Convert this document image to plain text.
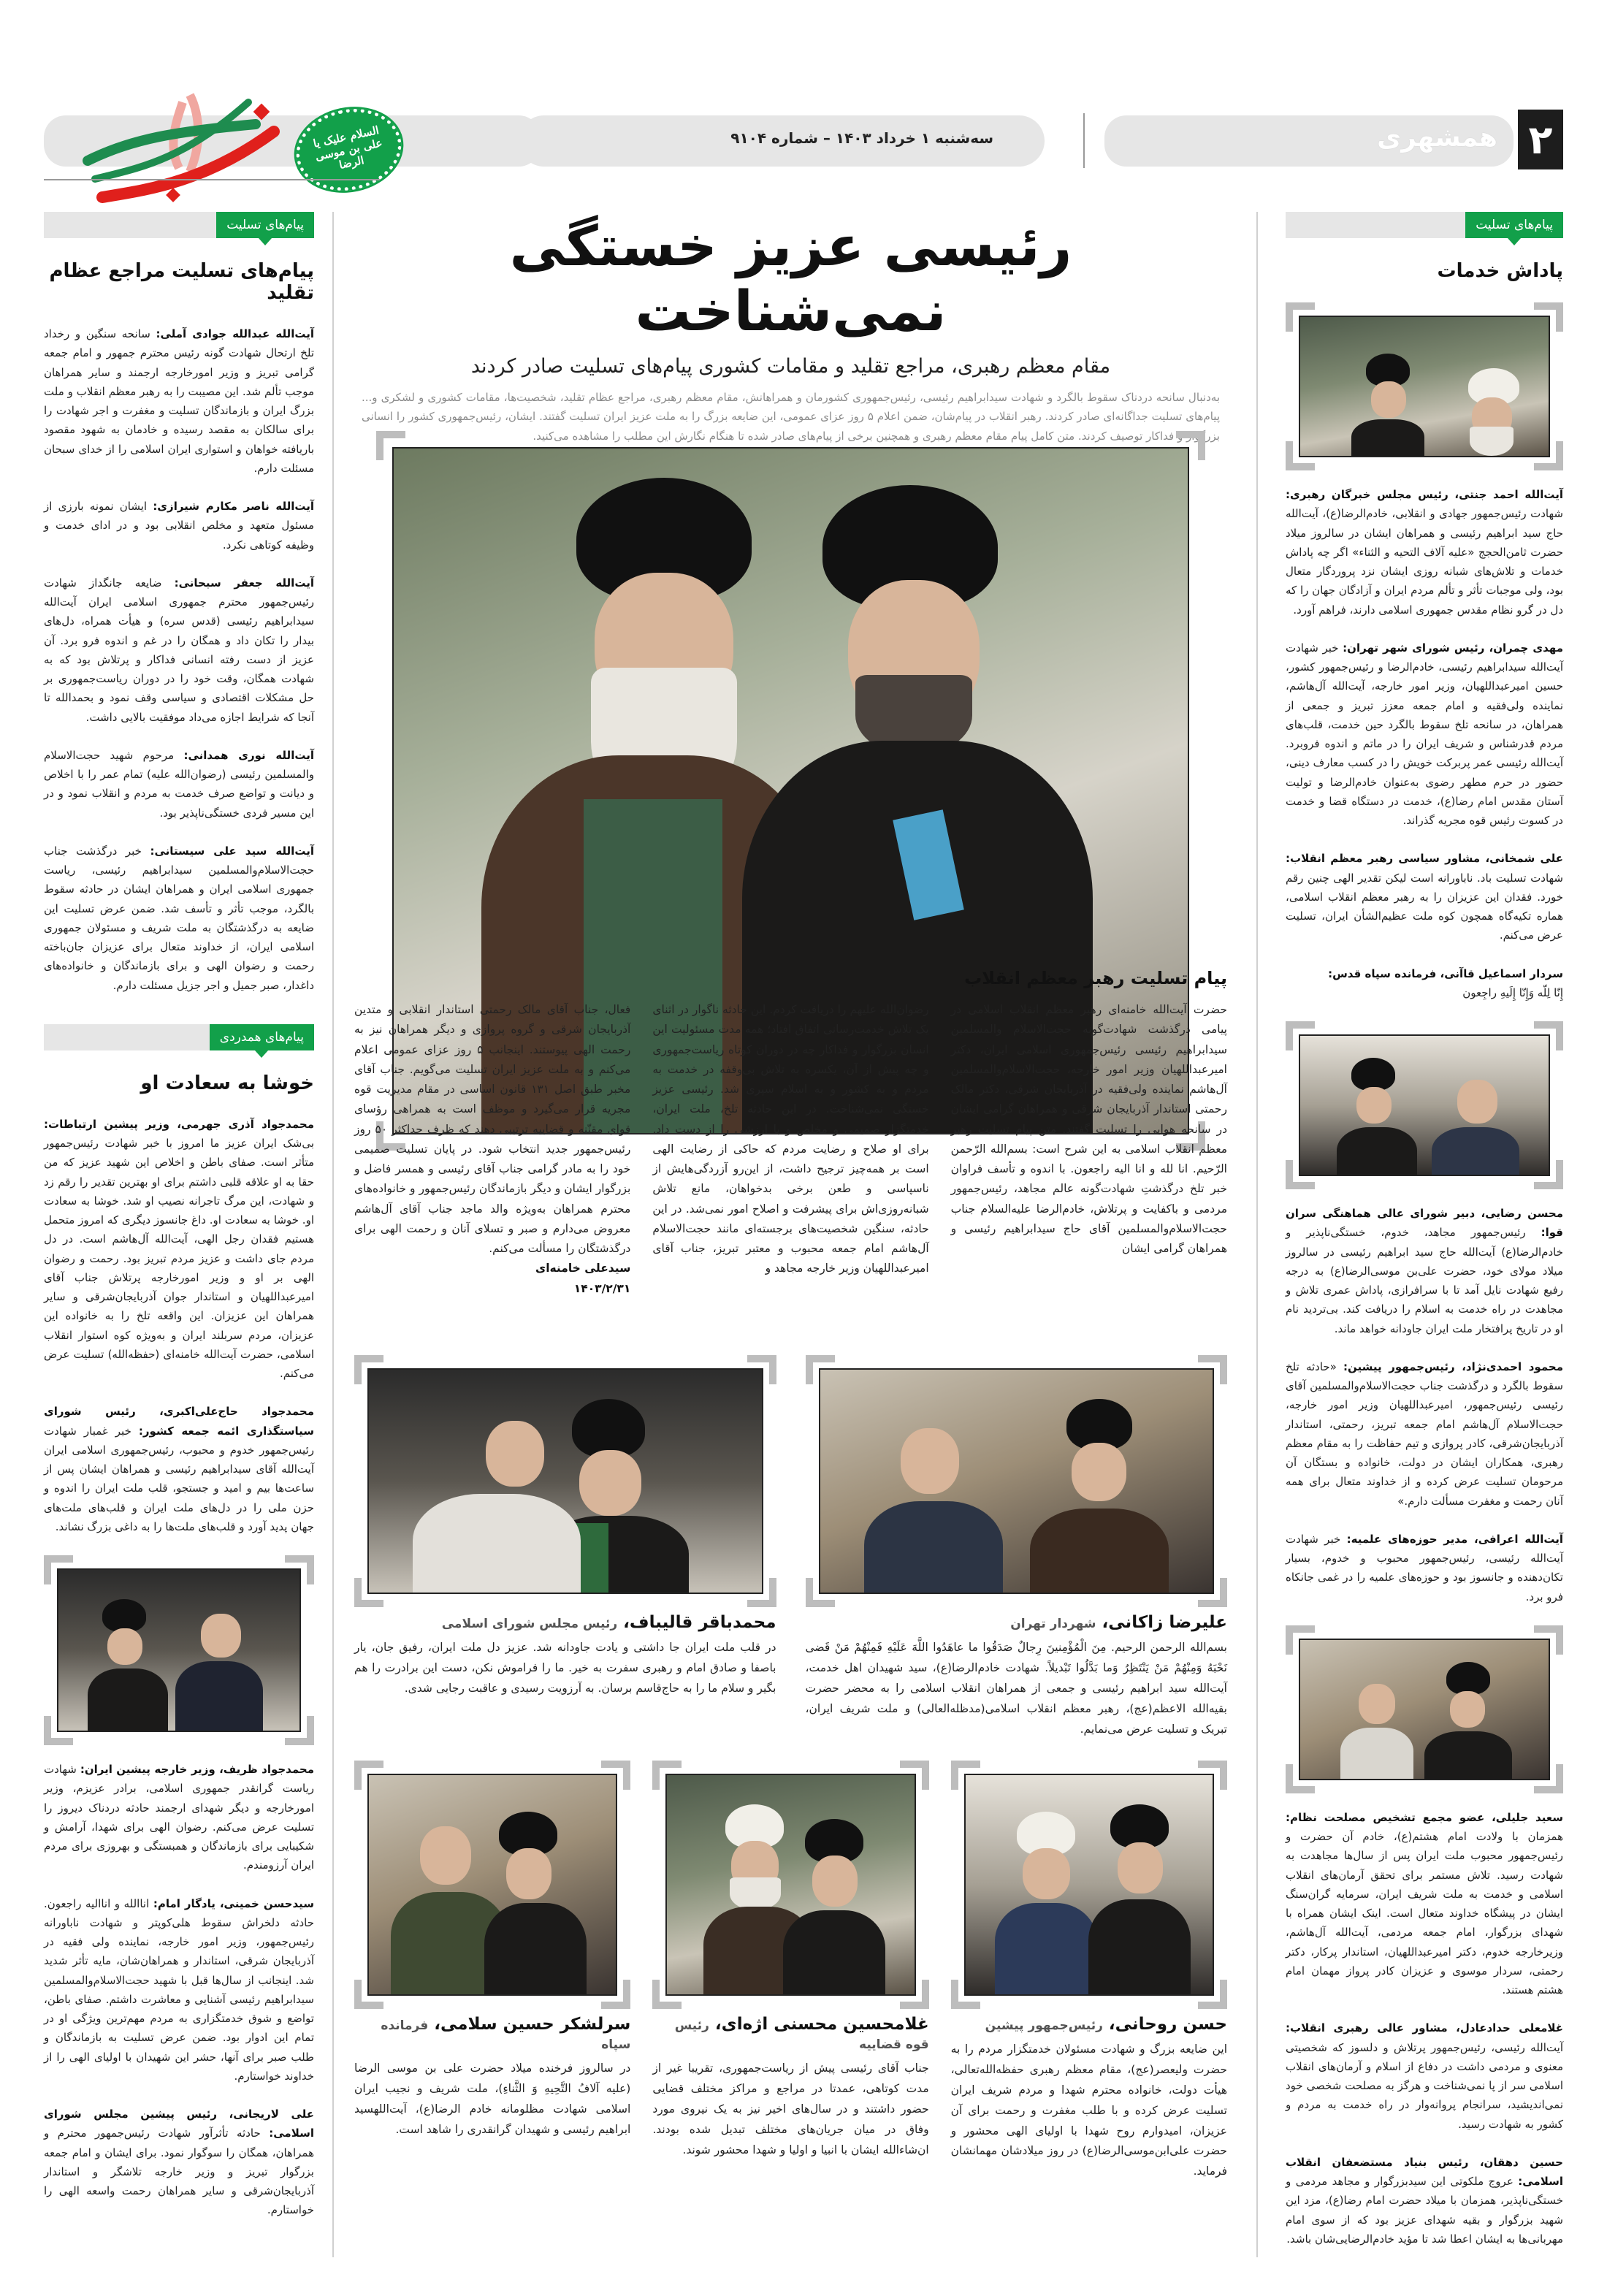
۲
همشهری
سه‌شنبه ۱ خرداد ۱۴۰۳ – شماره ۹۱۰۴
السلام علیک یا علی بن موسی الرضا
پیام‌های تسلیت
پاداش خدمات

آیت‌الله احمد جنتی، رئیس مجلس خبرگان رهبری: شهادت رئیس‌جمهور جهادی و انقلابی، خادم‌الرضا(ع)، آیت‌الله حاج سید ابراهیم رئیسی و همراهان ایشان در سالروز میلاد حضرت ثامن‌الحجج «علیه آلاف التحیه و الثناء» اگر چه پاداش خدمات و تلاش‌های شبانه روزی ایشان نزد پروردگار متعال بود، ولی موجبات تأثر و تألم مردم ایران و آزادگان جهان را که دل در گرو نظام مقدس جمهوری اسلامی دارند، فراهم آورد.

مهدی چمران، رئیس شورای شهر تهران: خبر شهادت آیت‌الله سیدابراهیم رئیسی، خادم‌الرضا و رئیس‌جمهور کشور، حسین امیرعبداللهیان، وزیر امور خارجه، آیت‌الله آل‌هاشم، نماینده ولی‌فقیه و امام جمعه معزز تبریز و جمعی از همراهان، در سانحه تلخ سقوط بالگرد حین خدمت، قلب‌های مردم قدرشناس و شریف ایران را در ماتم و اندوه فروبرد. آیت‌الله رئیسی عمر پربرکت خویش را در کسب معارف دینی، حضور در حرم مطهر رضوی به‌عنوان خادم‌الرضا و تولیت آستان مقدس امام رضا(ع)، خدمت در دستگاه قضا و خدمت در کسوت رئیس قوه مجریه گذراند.

علی شمخانی، مشاور سیاسی رهبر معظم انقلاب: شهادت تسلیت باد. ناباورانه است لیکن تقدیر الهی چنین رقم خورد. فقدان این عزیزان را به رهبر معظم انقلاب اسلامی، هماره تکیه‌گاه همچون کوه ملت عظیم‌الشأن ایران، تسلیت عرض می‌کنم.

سردار اسماعیل قاآنی، فرمانده سپاه قدس:
إِنّا لِلّه وَإِنّا إِلَیهِ راجِعون

محسن رضایی، دبیر شورای عالی هماهنگی سران قوا: رئیس‌جمهور مجاهد، خدوم، خستگی‌ناپذیر و خادم‌الرضا(ع) آیت‌الله حاج سید ابراهیم رئیسی در سالروز میلاد مولای خود، حضرت علی‌بن موسی‌الرضا(ع) به درجه رفیع شهادت نایل آمد تا با سرافرازی، پاداش عمری تلاش و مجاهدت در راه خدمت به اسلام را دریافت کند. بی‌تردید نام او در تاریخ پرافتخار ملت ایران جاودانه خواهد ماند.

محمود احمدی‌نژاد، رئیس‌جمهور پیشین: «حادثه تلخ سقوط بالگرد و درگذشت جناب حجت‌الاسلام‌والمسلمین آقای رئیسی رئیس‌جمهور، امیرعبداللهیان وزیر امور خارجه، حجت‌الاسلام آل‌هاشم امام جمعه تبریز، رحمتی، استاندار آذربایجان‌شرقی، کادر پروازی و تیم حفاظت را به مقام معظم رهبری، همکاران ایشان در دولت، خانواده و بستگان آن مرحومان تسلیت عرض کرده و از خداوند متعال برای همه آنان رحمت و مغفرت مسألت دارم.»

آیت‌الله اعرافی، مدیر حوزه‌های علمیه: خبر شهادت آیت‌الله رئیسی، رئیس‌جمهور محبوب و خدوم، بسیار تکان‌دهنده و جانسوز بود و حوزه‌های علمیه را در غمی جانکاه فرو برد.

سعید جلیلی، عضو مجمع تشخیص مصلحت نظام: همزمان با ولادت امام هشتم(ع)، خادم آن حضرت و رئیس‌جمهور محبوب ملت ایران پس از سال‌ها مجاهدت به شهادت رسید. تلاش مستمر برای تحقق آرمان‌های انقلاب اسلامی و خدمت به ملت شریف ایران، سرمایه گران‌سنگ ایشان در پیشگاه خداوند متعال است. اینک ایشان همراه با شهدای بزرگوار، امام جمعه مردمی، آیت‌الله آل‌هاشم، وزیرخارجه خدوم، دکتر امیرعبداللهیان، استاندار پرکار، دکتر رحمتی، سردار موسوی و عزیزان کادر پرواز مهمان امام هشتم هستند.

غلامعلی حدادعادل، مشاور عالی رهبری انقلاب: آیت‌الله رئیسی، رئیس‌جمهور پرتلاش و دلسوز که شخصیتی معنوی و مردمی داشت در دفاع از اسلام و آرمان‌های انقلاب اسلامی سر از پا نمی‌شناخت و هرگز به مصلحت شخصی خود نمی‌اندیشید، سرانجام پروانه‌وار در راه خدمت به مردم و کشور به شهادت رسید.

حسین دهقان، رئیس بنیاد مستضعفان انقلاب اسلامی: عروج ملکوتی این سیدبزرگوار و مجاهد مردمی و خستگی‌ناپذیر، همزمان با میلاد حضرت امام رضا(ع)، مزد این شهید بزرگوار و بقیه شهدای عزیز بود که از سوی امام مهربانی‌ها به ایشان اعطا شد تا مؤید خادم‌الرضایی‌شان باشد.

پیام‌های تسلیت
پیام‌های تسلیت مراجع عظام تقلید

آیت‌الله عبدالله جوادی آملی: سانحه سنگین و رخداد تلخ ارتحال شهادت گونه رئیس محترم جمهور و امام جمعه گرامی تبریز و وزیر امورخارجه ارجمند و سایر همراهان موجب تألم شد. این مصیبت را به رهبر معظم انقلاب و ملت بزرگ ایران و بازماندگان تسلیت و مغفرت و اجر شهادت را برای سالکان به مقصد رسیده و خادمان به شهود مقصود باریافته خواهان و استواری ایران اسلامی را از خدای سبحان مسئلت دارم.

آیت‌الله ناصر مکارم شیرازی: ایشان نمونه بارزی از مسئول متعهد و مخلص انقلابی بود و در ادای خدمت و وظیفه کوتاهی نکرد.

آیت‌الله جعفر سبحانی: ضایعه جانگداز شهادت رئیس‌جمهور محترم جمهوری اسلامی ایران آیت‌الله سیدابراهیم رئیسی (قدس سره) و هیأت همراه، دل‌های بیدار را تکان داد و همگان را در غم و اندوه فرو برد. آن عزیز از دست رفته انسانی فداکار و پرتلاش بود که به شهادت همگان، وقت خود را در دوران ریاست‌جمهوری بر حل مشکلات اقتصادی و سیاسی وقف نمود و بحمدالله تا آنجا که شرایط اجازه می‌داد موفقیت بالایی داشت.

آیت‌الله نوری همدانی: مرحوم شهید حجت‌الاسلام والمسلمین رئیسی (رضوان‌الله علیه) تمام عمر را با اخلاص و دیانت و تواضع صرف خدمت به مردم و انقلاب نمود و در این مسیر فردی خستگی‌ناپذیر بود.

آیت‌الله سید علی سیستانی: خبر درگذشت جناب حجت‌الاسلام‌والمسلمین سیدابراهیم رئیسی، ریاست جمهوری اسلامی ایران و همراهان ایشان در حادثه سقوط بالگرد، موجب تأثر و تأسف شد. ضمن عرض تسلیت این ضایعه به درگذشتگان به ملت شریف و مسئولان جمهوری اسلامی ایران، از خداوند متعال برای عزیزان جان‌باخته رحمت و رضوان الهی و برای بازماندگان و خانواده‌های داغدار، صبر جمیل و اجر جزیل مسئلت دارم.

پیام‌های همدردی
خوشا به سعادت او

محمدجواد آذری جهرمی، وزیر پیشین ارتباطات: بی‌شک ایران عزیز ما امروز با خبر شهادت رئیس‌جمهور متأثر است. صفای باطن و اخلاص این شهید عزیز که من حقا به او علاقه قلبی داشتم برای او بهترین تقدیر را رقم زد و شهادت، این مرگ تاجرانه نصیب او شد. خوشا به سعادت او. خوشا به سعادت او. داغ جانسوز دیگری که امروز متحمل هستیم فقدان رجل الهی، آیت‌الله آل‌هاشم است. در دل مردم جای داشت و عزیز مردم تبریز بود. رحمت و رضوان الهی بر او و وزیر امورخارجه پرتلاش جناب آقای امیرعبداللهیان و استاندار جوان آذربایجان‌شرقی و سایر همراهان این عزیزان. این واقعه تلخ را به خانواده این عزیزان، مردم سربلند ایران و به‌ویژه کوه استوار انقلاب اسلامی، حضرت آیت‌الله خامنه‌ای (حفظه‌الله) تسلیت عرض می‌کنم.

محمدجواد حاج‌علی‌اکبری، رئیس شورای سیاستگذاری ائمه جمعه کشور: خبر غمبار شهادت رئیس‌جمهور خدوم و محبوب، رئیس‌جمهوری اسلامی ایران آیت‌الله آقای سیدابراهیم رئیسی و همراهان ایشان پس از ساعت‌ها بیم و امید و جستجو، قلب ملت ایران را اندوه و حزن ملی را در دل‌های ملت ایران و قلب‌های ملت‌های جهان پدید آورد و قلب‌های ملت‌ها را به داغی بزرگ نشاند.

محمدجواد ظریف، وزیر خارجه پیشین ایران: شهادت ریاست گرانقدر جمهوری اسلامی، برادر عزیزم، وزیر امورخارجه و دیگر شهدای ارجمند حادثه دردناک دیروز را تسلیت عرض می‌کنم. رضوان الهی برای شهدا، آرامش و شکیبایی برای بازماندگان و همبستگی و بهروزی برای مردم ایران آرزومندم.

سیدحسن خمینی، یادگار امام: اناالله و اناالیه راجعون. حادثه دلخراش سقوط هلی‌کوپتر و شهادت ناباورانه رئیس‌جمهور، وزیر امور خارجه، نماینده ولی فقیه در آذربایجان شرقی، استاندار و همراهان‌شان، مایه تأثر شدید شد. اینجانب از سال‌ها قبل با شهید حجت‌الاسلام‌والمسلمین سیدابراهیم رئیسی آشنایی و معاشرت داشتم. صفای باطن، تواضع و شوق خدمتگزاری به مردم مهم‌ترین ویژگی او در تمام این ادوار بود. ضمن عرض تسلیت به بازماندگان و طلب صبر برای آنها، حشر این شهیدان با اولیای الهی را از خداوند خواستارم.

علی لاریجانی، رئیس پیشین مجلس شورای اسلامی: حادثه تأثرآور شهادت رئیس‌جمهور محترم و همراهان، همگان را سوگوار نمود. برای ایشان و امام جمعه بزرگوار تبریز و وزیر خارجه تلاشگر و استاندار آذربایجان‌شرقی و سایر همراهان رحمت واسعه الهی را خواستارم.

رئیسی عزیز خستگی نمی‌شناخت
مقام معظم رهبری، مراجع تقلید و مقامات کشوری پیام‌های تسلیت صادر کردند

به‌دنبال سانحه دردناک سقوط بالگرد و شهادت سیدابراهیم رئیسی، رئیس‌جمهوری کشورمان و همراهانش، مقام معظم رهبری، مراجع عظام تقلید، شخصیت‌ها، مقامات کشوری و لشکری و... پیام‌های تسلیت جداگانه‌ای صادر کردند. رهبر انقلاب در پیام‌شان، ضمن اعلام ۵ روز عزای عمومی، این ضایعه بزرگ را به ملت عزیز ایران تسلیت گفتند. ایشان، رئیس‌جمهوری کشور را انسانی بزرگوار و فداکار توصیف کردند. متن کامل پیام مقام معظم رهبری و همچنین برخی از پیام‌های صادر شده تا هنگام نگارش این مطلب را مشاهده می‌کنید.

پیام تسلیت رهبر معظم انقلاب

حضرت آیت‌الله خامنه‌ای رهبر معظم انقلاب اسلامی در پیامی درگذشت شهادت‌گونه حجت‌الاسلام والمسلمین سیدابراهیم رئیسی رئیس‌جمهوری اسلامی ایران، دکتر امیرعبداللهیان وزیر امور خارجه، حجت‌الاسلام‌والمسلمین آل‌هاشم نماینده ولی‌فقیه در آذربایجان شرقی، دکتر مالک رحمتی استاندار آذربایجان شرقی و همراهان گرامی ایشان در سانحه هوایی را تسلیت گفتند. متن پیام تسلیت رهبر معظم انقلاب اسلامی به این شرح است: بسم‌الله الرّحمن الرّحیم. انا لله و انا الیه راجعون. با اندوه و تأسف فراوان خبر تلخ درگذشتِ شهادت‌گونه عالم مجاهد، رئیس‌جمهور مردمی و باکفایت و پرتلاش، خادم‌الرضا علیه‌السلام جناب حجت‌الاسلام‌والمسلمین آقای حاج سیدابراهیم رئیسی و همراهان گرامی ایشان

رضوان‌الله علیهم را دریافت کردم. این حادثه ناگوار در اثنای یک تلاش خدمت‌رسانی اتفاق افتاد؛ همه مدت مسئولیت این انسان بزرگوار و فداکار چه در دوران کوتاه ریاست‌جمهوری و چه پیش از آن، یکسره به تلاش بی‌وقفه در خدمت به مردم و به کشور و به اسلام سپری شد. رئیسی عزیز خستگی نمی‌شناخت. در این حادثه تلخ، ملت ایران، خدمتگزار صمیمی و مخلص و با ارزشی را از دست داد. برای او صلاح و رضایت مردم که حاکی از رضایت الهی است بر همه‌چیز ترجیح داشت، از این‌رو آزردگی‌هایش از ناسپاسی و طعن برخی بدخواهان، مانع تلاش شبانه‌روزی‌اش برای پیشرفت و اصلاح امور نمی‌شد. در این حادثه، سنگین شخصیت‌های برجسته‌ای مانند حجت‌الاسلام آل‌هاشم امام جمعه محبوب و معتبر تبریز، جناب آقای امیرعبداللهیان وزیر خارجه مجاهد و

فعال، جناب آقای مالک رحمتی استاندار انقلابی و متدین آذربایجان شرقی و گروه پروازی و دیگر همراهان نیز به رحمت الهی پیوستند. اینجانب ۵ روز عزای عمومی اعلام می‌کنم و به ملت عزیز ایران تسلیت می‌گویم. جناب آقای مخبر طبق اصل ۱۳۱ قانون اساسی در مقام مدیریت قوه مجریه قرار می‌گیرد و موظف است به همراهی رؤسای قوای مقنّنه و قضاییه ترتیبی دهند که ظرف حداکثر ۵۰ روز رئیس‌جمهور جدید انتخاب شود. در پایان تسلیت صمیمی خود را به مادر گرامی جناب آقای رئیسی و همسر فاضل و بزرگوار ایشان و دیگر بازماندگان رئیس‌جمهور و خانواده‌های محترم همراهان به‌ویژه والد ماجد جناب آقای آل‌هاشم معروض می‌دارم و صبر و تسلای آنان و رحمت الهی برای درگذشتگان را مسألت می‌کنم.
سیدعلی خامنه‌ای
۱۴۰۳/۲/۳۱
علیرضا زاکانی، شهردار تهران

بسم‌الله الرحمن الرحیم. مِنَ الْمُؤْمِنینَ رِجالٌ صَدَقُوا ما عاهَدُوا اللَّهَ عَلَیْهِ فَمِنْهُمْ مَنْ قَضی نَحْبَهُ وَمِنْهُمْ مَنْ یَنْتَظِرُ وَما بَدَّلُوا تَبْدیلاً. شهادت خادم‌الرضا(ع)، سید شهیدان اهل خدمت، آیت‌الله سید ابراهیم رئیسی و جمعی از همراهان انقلاب اسلامی را به محضر حضرت بقیه‌الله الاعظم(عج)، رهبر معظم انقلاب اسلامی(مدظله‌العالی) و ملت شریف ایران، تبریک و تسلیت عرض می‌نمایم.

محمدباقر قالیباف، رئیس مجلس شورای اسلامی

در قلب ملت ایران جا داشتی و یادت جاودانه شد. عزیز دل ملت ایران، رفیق جان، یار باصفا و صادق امام و رهبری سفرت به خیر. ما را فراموش نکن، دست این برادرت را هم بگیر و سلام ما را به حاج‌قاسم برسان. به آرزویت رسیدی و عاقبت رجایی شدی.

حسن روحانی، رئیس‌جمهور پیشین

این ضایعه بزرگ و شهادت مسئولان خدمتگزار مردم را به حضرت ولیعصر(عج)، مقام معظم رهبری حفظه‌الله‌تعالی، هیأت دولت، خانواده محترم شهدا و مردم شریف ایران تسلیت عرض کرده و با طلب مغفرت و رحمت برای آن عزیزان، امیدوارم روح شهدا با اولیای الهی محشور و حضرت علی‌ابن‌موسی‌الرضا(ع) در روز میلادشان مهمانشان فرماید.

غلامحسین محسنی اژه‌ای، رئیس قوه قضاییه

جناب آقای رئیسی پیش از ریاست‌جمهوری، تقریبا غیر از مدت کوتاهی، عمدتا در مراجع و مراکز مختلف قضایی حضور داشتند و در سال‌های اخیر نیز به یک نیروی مورد وفاق در میان جریان‌های مختلف تبدیل شده بودند. ان‌شاءالله ایشان با انبیا و اولیا و شهدا محشور شوند.

سرلشکر حسین سلامی، فرمانده سپاه

در سالروز فرخنده میلاد حضرت علی بن موسی الرضا (علیه آلافُ التَّحِیهِ وَ الثَّناءِ)، ملت شریف و نجیب ایران اسلامی شهادت مظلومانه خادم الرضا(ع)، آیت‌اللهسید ابراهیم رئیسی و شهیدان گرانقدری را شاهد است.
